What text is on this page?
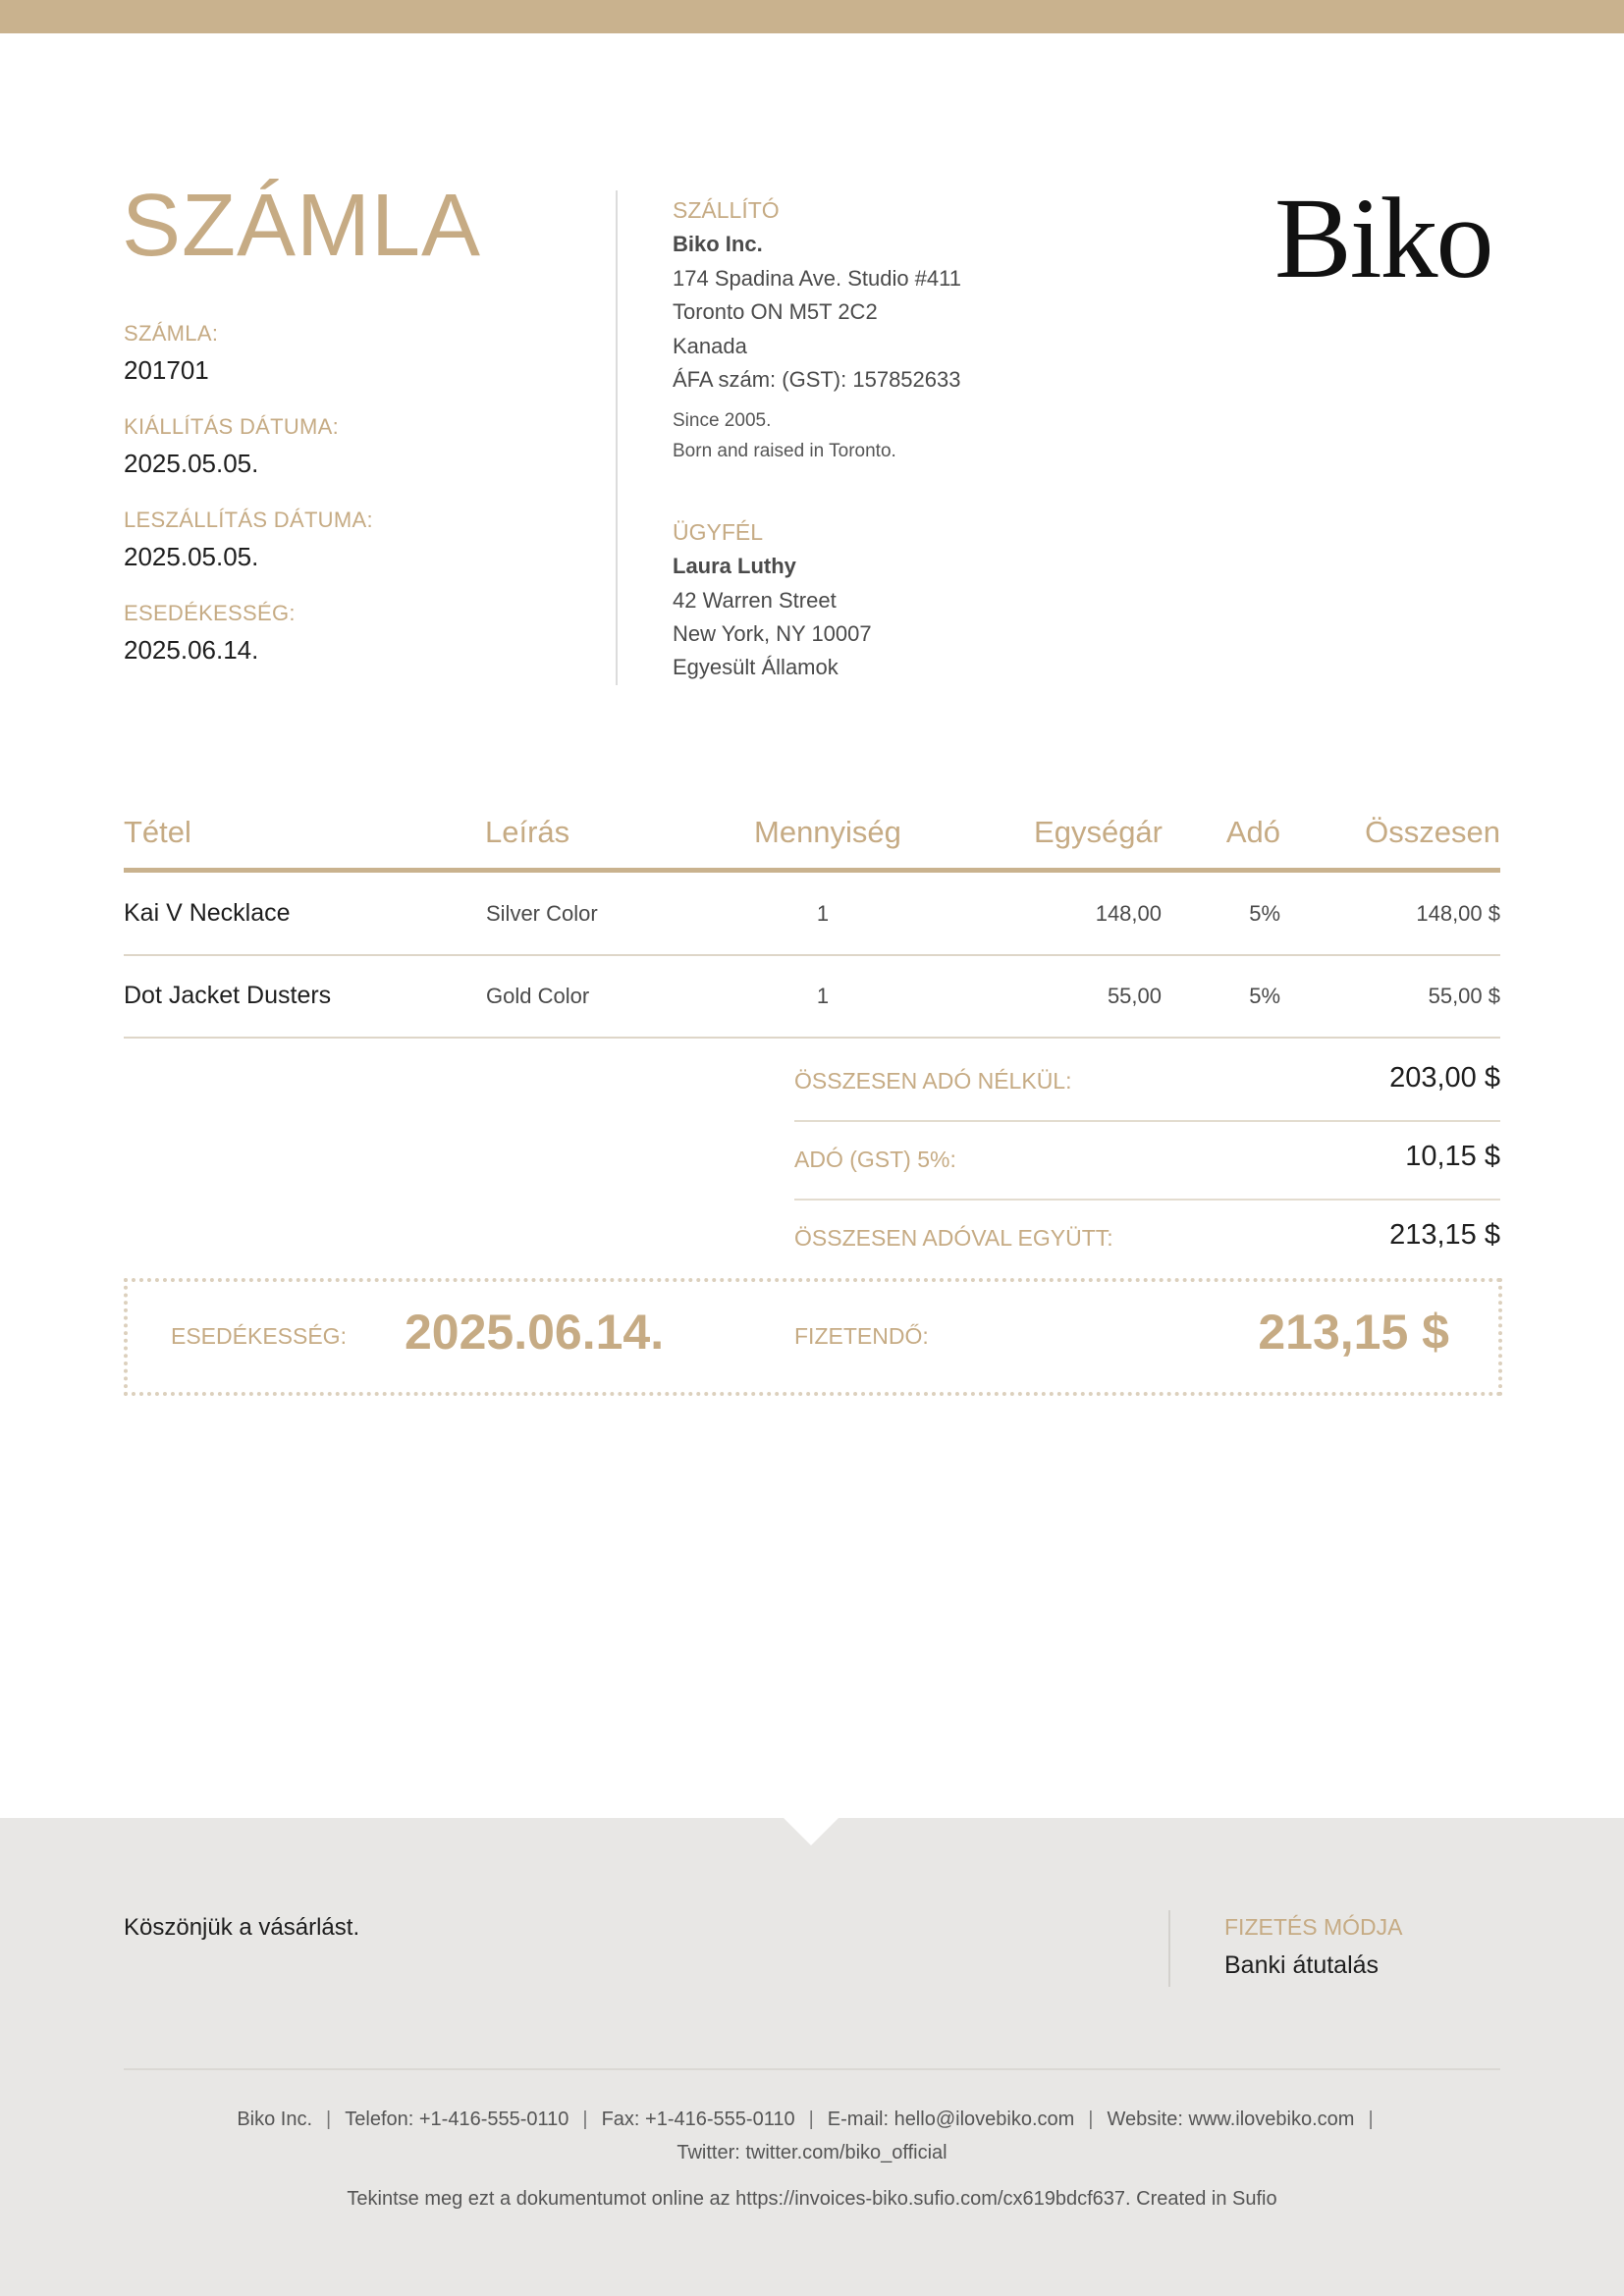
SZÁMLA
SZÁMLA:
201701
KIÁLLÍTÁS DÁTUMA:
2025.05.05.
LESZÁLLÍTÁS DÁTUMA:
2025.05.05.
ESEDÉKESSÉG:
2025.06.14.
SZÁLLÍTÓ
Biko Inc.
174 Spadina Ave. Studio #411
Toronto ON M5T 2C2
Kanada
ÁFA szám: (GST): 157852633
Since 2005.
Born and raised in Toronto.
ÜGYFÉL
Laura Luthy
42 Warren Street
New York, NY 10007
Egyesült Államok
Biko
Tétel	Leírás	Mennyiség	Egységár	Adó	Összesen
Kai V Necklace	Silver Color	1	148,00	5%	148,00 $
Dot Jacket Dusters	Gold Color	1	55,00	5%	55,00 $
ÖSSZESEN ADÓ NÉLKÜL:	203,00 $
ADÓ (GST) 5%:	10,15 $
ÖSSZESEN ADÓVAL EGYÜTT:	213,15 $
ESEDÉKESSÉG: 2025.06.14.	FIZETENDŐ:	213,15 $
Köszönjük a vásárlást.	FIZETÉS MÓDJA
Banki átutalás
Biko Inc. | Telefon: +1-416-555-0110 | Fax: +1-416-555-0110 | E-mail: hello@ilovebiko.com | Website: www.ilovebiko.com |
Twitter: twitter.com/biko_official
Tekintse meg ezt a dokumentumot online az https://invoices-biko.sufio.com/cx619bdcf637. Created in Sufio
